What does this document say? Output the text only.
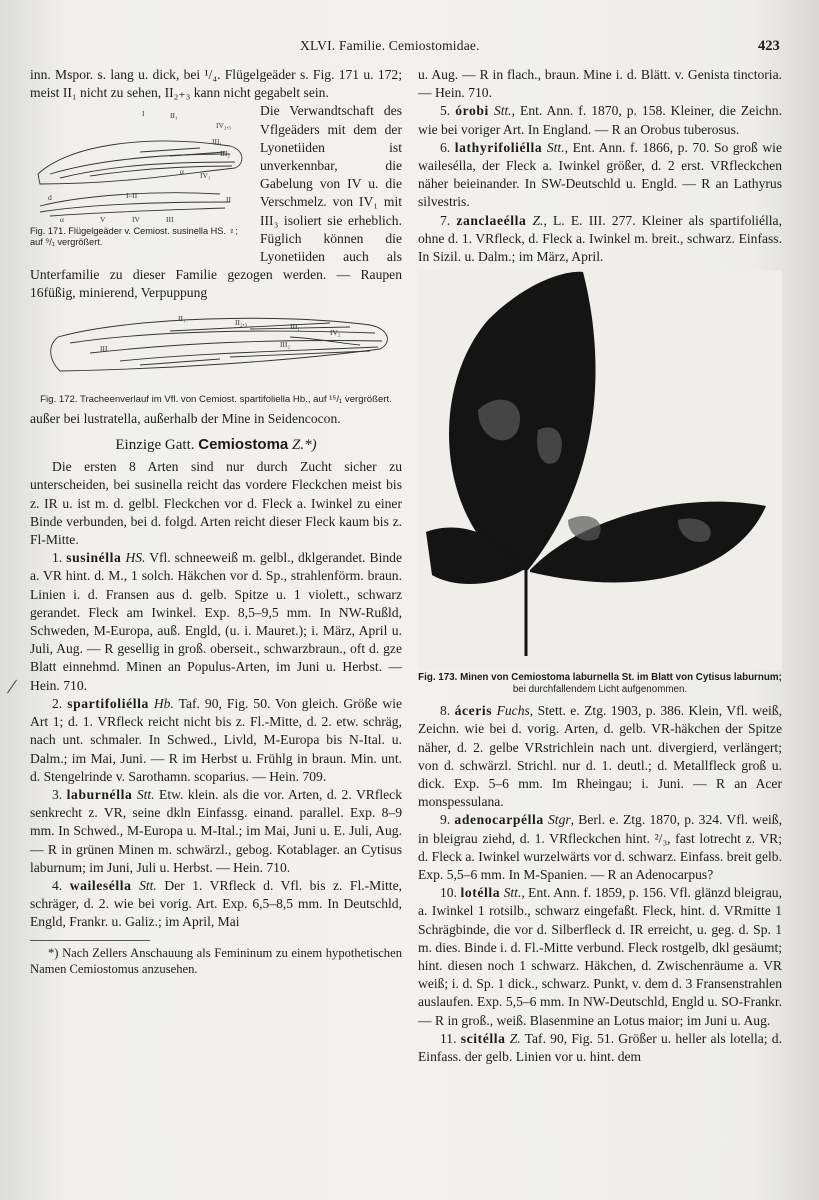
XLVI. Familie. Cemiostomidae.	423

inn. Mspor. s. lang u. dick, bei ¹/₄. Flügelgeäder s. Fig. 171 u. 172; meist II₁ nicht zu sehen, II₂₊₃ kann nicht gegabelt sein.

I	II₁
IV₂,₃
III₁
III₂
d
α IV₁
I–II	II
α	V	IV	III
Fig. 171. Flügelgeäder v. Cemiost. susinella HS. ♀; auf ⁹/₁ vergrößert.

Die Verwandtschaft des Vflgeäders mit dem der Lyonetiiden ist unverkennbar, die Gabelung von IV u. die Verschmelz. von IV₁ mit III₃ isoliert sie erheblich. Füglich können die Lyonetiiden auch als Unterfamilie zu dieser Familie gezogen werden. — Raupen 16füßig, minierend, Verpuppung

II₁	II₂,₃	III₁
IV₂
III	III₂
Fig. 172. Tracheenverlauf im Vfl. von Cemiost. spartifoliella Hb., auf ¹⁵/₁ vergrößert.

außer bei lustratella, außerhalb der Mine in Seidencocon.

Einzige Gatt. Cemiostoma Z.*)

Die ersten 8 Arten sind nur durch Zucht sicher zu unterscheiden, bei susinella reicht das vordere Fleckchen meist bis z. IR u. ist m. d. gelbl. Fleckchen vor d. Fleck a. Iwinkel zu einer Binde verbunden, bei d. folgd. Arten reicht dieser Fleck kaum bis z. Fl-Mitte.

1. susinélla HS. Vfl. schneeweiß m. gelbl., dklgerandet. Binde a. VR hint. d. M., 1 solch. Häkchen vor d. Sp., strahlenförm. braun. Linien i. d. Fransen aus d. gelb. Spitze u. 1 violett., schwarz gerandet. Fleck am Iwinkel. Exp. 8,5–9,5 mm. In NW-Rußld, Schweden, M-Europa, auß. Engld, (u. i. Mauret.); i. März, April u. Juli, Aug. — R gesellig in groß. oberseit., schwarzbraun., oft d. gze Blatt einnehmd. Minen an Populus-Arten, im Juni u. Herbst. — Hein. 710.

2. spartifoliélla Hb. Taf. 90, Fig. 50. Von gleich. Größe wie Art 1; d. 1. VRfleck reicht nicht bis z. Fl.-Mitte, d. 2. etw. schräg, nach unt. schmaler. In Schwed., Livld, M-Europa bis N-Ital. u. Dalm.; im Mai, Juni. — R im Herbst u. Frühlg in braun. Min. unt. d. Stengelrinde v. Sarothamn. scoparius. — Hein. 709.

3. laburnélla Stt. Etw. klein. als die vor. Arten, d. 2. VRfleck senkrecht z. VR, seine dkln Einfassg. einand. parallel. Exp. 8–9 mm. In Schwed., M-Europa u. M-Ital.; im Mai, Juni u. E. Juli, Aug. — R in grünen Minen m. schwärzl., gebog. Kotablager. an Cytisus laburnum; im Juni, Juli u. Herbst. — Hein. 710.

4. wailesélla Stt. Der 1. VRfleck d. Vfl. bis z. Fl.-Mitte, schräger, d. 2. wie bei vorig. Art. Exp. 6,5–8,5 mm. In Deutschld, Engld, Frankr. u. Galiz.; im April, Mai

*) Nach Zellers Anschauung als Femininum zu einem hypothetischen Namen Cemiostomus anzusehen.

u. Aug. — R in flach., braun. Mine i. d. Blätt. v. Genista tinctoria. — Hein. 710.

5. órobi Stt., Ent. Ann. f. 1870, p. 158. Kleiner, die Zeichn. wie bei voriger Art. In England. — R an Orobus tuberosus.

6. lathyrifoliélla Stt., Ent. Ann. f. 1866, p. 70. So groß wie wailesélla, der Fleck a. Iwinkel größer, d. 2 erst. VRfleckchen näher beieinander. In SW-Deutschld u. Engld. — R an Lathyrus silvestris.

7. zanclaeélla Z., L. E. III. 277. Kleiner als spartifoliélla, ohne d. 1. VRfleck, d. Fleck a. Iwinkel m. breit., schwarz. Einfass. In Sizil. u. Dalm.; im März, April.

Fig. 173. Minen von Cemiostoma laburnella St. im Blatt von Cytisus laburnum; bei durchfallendem Licht aufgenommen.

8. áceris Fuchs, Stett. e. Ztg. 1903, p. 386. Klein, Vfl. weiß, Zeichn. wie bei d. vorig. Arten, d. gelb. VR-häkchen der Spitze näher, d. 2. gelbe VRstrichlein nach unt. divergierd, verlängert; von d. schwärzl. Strichl. nur d. 1. deutl.; d. Metallfleck groß u. dick. Exp. 5–6 mm. Im Rheingau; i. Juni. — R an Acer monspessulana.

9. adenocarpélla Stgr, Berl. e. Ztg. 1870, p. 324. Vfl. weiß, in bleigrau ziehd, d. 1. VRfleckchen hint. ²/₃, fast lotrecht z. VR; d. Fleck a. Iwinkel wurzelwärts vor d. schwarz. Einfass. breit gelb. Exp. 5,5–6 mm. In M-Spanien. — R an Adenocarpus?

10. lotélla Stt., Ent. Ann. f. 1859, p. 156. Vfl. glänzd bleigrau, a. Iwinkel 1 rotsilb., schwarz eingefaßt. Fleck, hint. d. VRmitte 1 Schrägbinde, die vor d. Silberfleck d. IR erreicht, u. geg. d. Sp. 1 m. dies. Binde i. d. Fl.-Mitte verbund. Fleck rostgelb, dkl gesäumt; hint. diesen noch 1 schwarz. Häkchen, d. Zwischenräume a. VR weiß; i. d. Sp. 1 dick., schwarz. Punkt, v. dem d. 3 Fransenstrahlen auslaufen. Exp. 5,5–6 mm. In NW-Deutschld, Engld u. SO-Frankr. — R in groß., weiß. Blasenmine an Lotus maior; im Juni u. Aug.

11. scitélla Z. Taf. 90, Fig. 51. Größer u. heller als lotella; d. Einfass. der gelb. Linien vor u. hint. dem
